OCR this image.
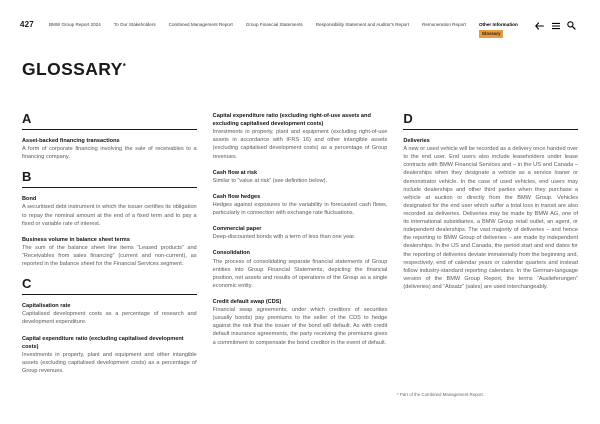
427	BMW Group Report 2024	To Our Stakeholders	Combined Management Report	Group Financial Statements	Responsibility Statement and Auditor's Report	Remuneration Report	Other Information
Glossary
GLOSSARY*
A
Asset-backed financing transactions
A form of corporate financing involving the sale of receivables to a financing company.
B
Bond
A securitised debt instrument in which the issuer certifies its obligation to repay the nominal amount at the end of a fixed term and to pay a fixed or variable rate of interest.
Business volume in balance sheet terms
The sum of the balance sheet line items “Leased products” and “Receivables from sales financing” (current and non-current), as reported in the balance sheet for the Financial Services segment.
C
Capitalisation rate
Capitalised development costs as a percentage of research and development expenditure.
Capital expenditure ratio (excluding capitalised development costs)
Investments in property, plant and equipment and other intangible assets (excluding capitalised development costs) as a percentage of Group revenues.
Capital expenditure ratio (excluding right-of-use assets and excluding capitalised development costs)
Investments in property, plant and equipment (excluding right-of-use assets in accordance with IFRS 16) and other intangible assets (excluding capitalised development costs) as a percentage of Group revenues.
Cash flow at risk
Similar to “value at risk” (see definition below).
Cash flow hedges
Hedges against exposures to the variability in forecasted cash flows, particularly in connection with exchange rate fluctuations.
Commercial paper
Deep-discounted bonds with a term of less than one year.
Consolidation
The process of consolidating separate financial statements of Group entities into Group Financial Statements, depicting the financial position, net assets and results of operations of the Group as a single economic entity.
Credit default swap (CDS)
Financial swap agreements, under which creditors of securities (usually bonds) pay premiums to the seller of the CDS to hedge against the risk that the issuer of the bond will default. As with credit default insurance agreements, the party receiving the premiums gives a commitment to compensate the bond creditor in the event of default.
D
Deliveries
A new or used vehicle will be recorded as a delivery once handed over to the end user. End users also include leaseholders under lease contracts with BMW Financial Services and – in the US and Canada – dealerships when they designate a vehicle as a service loaner or demonstrator vehicle. In the case of used vehicles, end users may include dealerships and other third parties when they purchase a vehicle at auction or directly from the BMW Group. Vehicles designated for the end user which suffer a total loss in transit are also recorded as deliveries. Deliveries may be made by BMW AG, one of its international subsidiaries, a BMW Group retail outlet, an agent, or independent dealerships. The vast majority of deliveries – and hence the reporting to BMW Group of deliveries – are made by independent dealerships. In the US and Canada, the period start and end dates for the reporting of deliveries deviate immaterially from the beginning and, respectively, end of calendar years or calendar quarters and instead follow industry-standard reporting calendars. In the German-language version of the BMW Group Report, the terms “Auslieferungen” (deliveries) and “Absatz” (sales) are used interchangeably.
* Part of the Combined Management Report.
